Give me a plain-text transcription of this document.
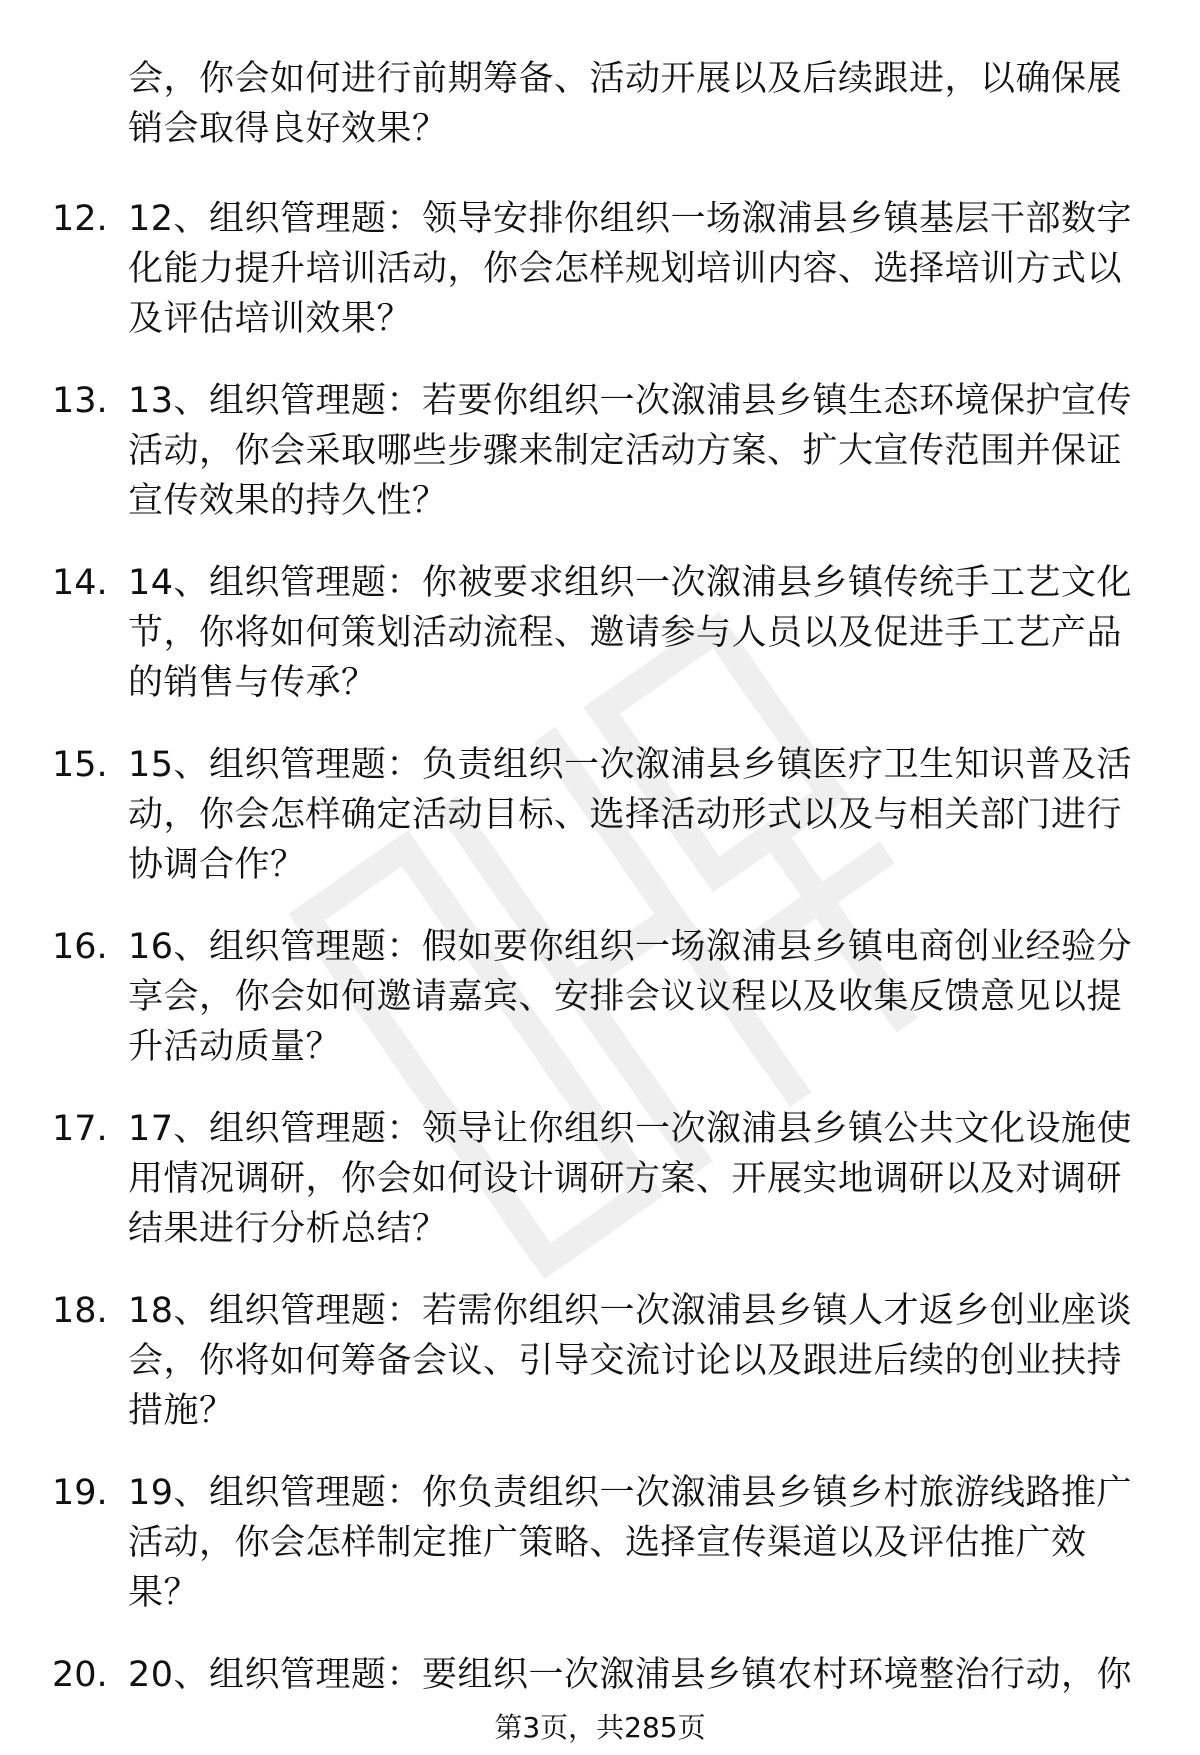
会，你会如何进行前期筹备、活动开展以及后续跟进，以确保展销会取得良好效果？
12. 12、组织管理题：领导安排你组织一场溆浦县乡镇基层干部数字化能力提升培训活动，你会怎样规划培训内容、选择培训方式以及评估培训效果？
13. 13、组织管理题：若要你组织一次溆浦县乡镇生态环境保护宣传活动，你会采取哪些步骤来制定活动方案、扩大宣传范围并保证宣传效果的持久性？
14. 14、组织管理题：你被要求组织一次溆浦县乡镇传统手工艺文化节，你将如何策划活动流程、邀请参与人员以及促进手工艺产品的销售与传承？
15. 15、组织管理题：负责组织一次溆浦县乡镇医疗卫生知识普及活动，你会怎样确定活动目标、选择活动形式以及与相关部门进行协调合作？
16. 16、组织管理题：假如要你组织一场溆浦县乡镇电商创业经验分享会，你会如何邀请嘉宾、安排会议议程以及收集反馈意见以提升活动质量？
17. 17、组织管理题：领导让你组织一次溆浦县乡镇公共文化设施使用情况调研，你会如何设计调研方案、开展实地调研以及对调研结果进行分析总结？
18. 18、组织管理题：若需你组织一次溆浦县乡镇人才返乡创业座谈会，你将如何筹备会议、引导交流讨论以及跟进后续的创业扶持措施？
19. 19、组织管理题：你负责组织一次溆浦县乡镇乡村旅游线路推广活动，你会怎样制定推广策略、选择宣传渠道以及评估推广效果？
20. 20、组织管理题：要组织一次溆浦县乡镇农村环境整治行动，你
第3页，共285页
